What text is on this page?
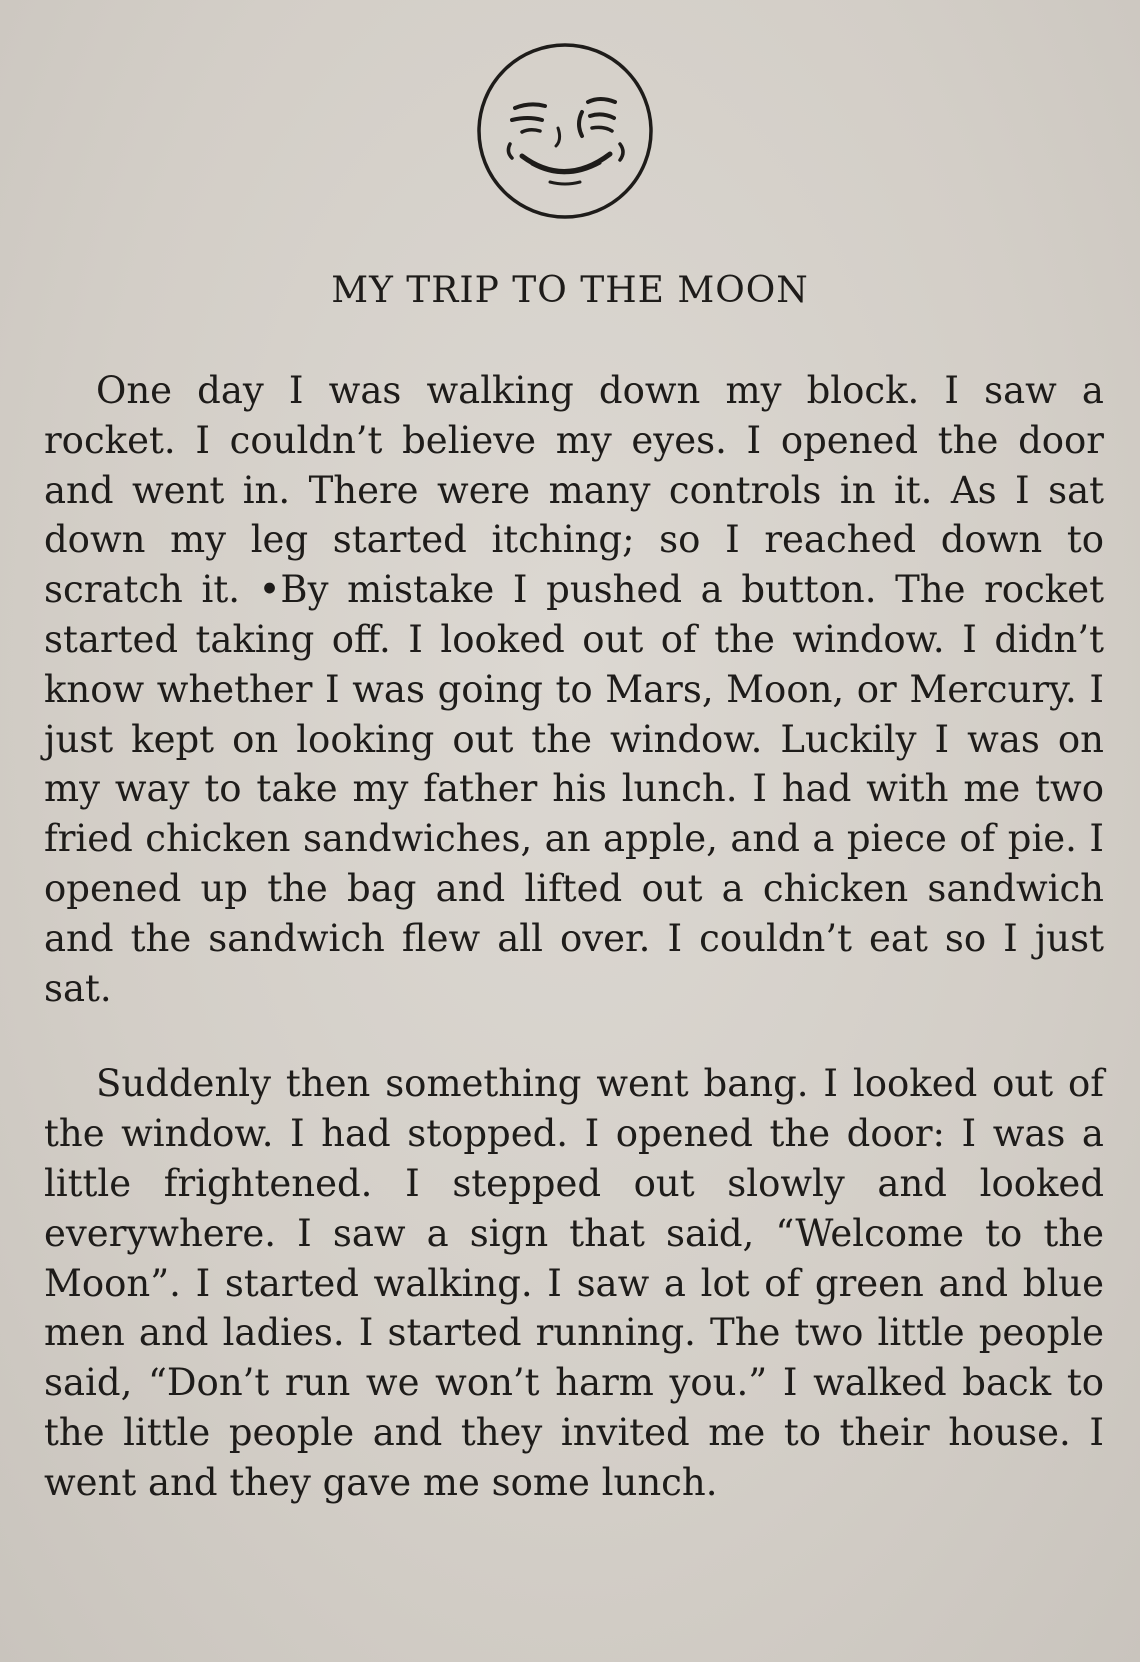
MY TRIP TO THE MOON

One day I was walking down my block. I saw a rocket. I couldn’t believe my eyes. I opened the door and went in. There were many controls in it. As I sat down my leg started itching; so I reached down to scratch it. •By mistake I pushed a button. The rocket started taking off. I looked out of the window. I didn’t know whether I was going to Mars, Moon, or Mercury. I just kept on looking out the window. Luckily I was on my way to take my father his lunch. I had with me two fried chicken sandwiches, an apple, and a piece of pie. I opened up the bag and lifted out a chicken sandwich and the sandwich flew all over. I couldn’t eat so I just sat.

Suddenly then something went bang. I looked out of the window. I had stopped. I opened the door: I was a little frightened. I stepped out slowly and looked everywhere. I saw a sign that said, “Welcome to the Moon”. I started walking. I saw a lot of green and blue men and ladies. I started running. The two little people said, “Don’t run we won’t harm you.” I walked back to the little people and they invited me to their house. I went and they gave me some lunch.
